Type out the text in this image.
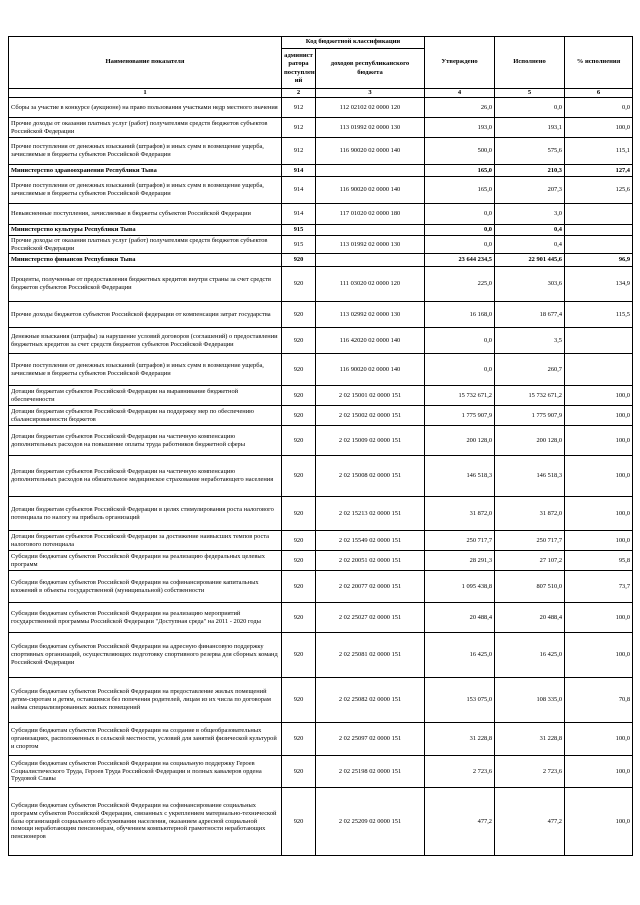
Наименование показателя	Код бюджетной классификации		Утверждено	Исполнено	% исполнения
	админист ратора поступлен ий	доходов республиканского бюджета			
1	2	3	4	5	6
Сборы за участие в конкурсе (аукционе) на право пользования участками недр местного значения	912	112 02102 02 0000 120	26,0	0,0	0,0
Прочие доходы от оказания платных услуг (работ) получателями средств бюджетов субъектов Российской Федерации	912	113 01992 02 0000 130	193,0	193,1	100,0
Прочие поступления от денежных взысканий (штрафов) и иных сумм в возмещение ущерба, зачисляемые в бюджеты субъектов Российской Федерации	912	116 90020 02 0000 140	500,0	575,6	115,1
Министерство здравоохранения Республики Тыва	914		165,0	210,3	127,4
Прочие поступления от денежных взысканий (штрафов) и иных сумм в возмещение ущерба, зачисляемые в бюджеты субъектов Российской Федерации	914	116 90020 02 0000 140	165,0	207,3	125,6
Невыясненные поступления, зачисляемые в бюджеты субъектов Российской Федерации	914	117 01020 02 0000 180	0,0	3,0	
Министерство культуры Республики Тыва	915		0,0	0,4	
Прочие доходы от оказания платных услуг (работ) получателями средств бюджетов субъектов Российской Федерации	915	113 01992 02 0000 130	0,0	0,4	
Министерство финансов Республики Тыва	920		23 644 234,5	22 901 445,6	96,9
Проценты, полученные от предоставления бюджетных кредитов внутри страны за счет средств бюджетов субъектов Российской Федерации	920	111 03020 02 0000 120	225,0	303,6	134,9
Прочие доходы бюджетов субъектов Российской федерации от компенсации затрат государства	920	113 02992 02 0000 130	16 168,0	18 677,4	115,5
Денежные взыскания (штрафы) за нарушение условий договоров (соглашений) о предоставлении бюджетных кредитов за счет средств бюджетов субъектов Российской Федерации	920	116 42020 02 0000 140	0,0	3,5	
Прочие поступления от денежных взысканий (штрафов) и иных сумм в возмещение ущерба, зачисляемые в бюджеты субъектов Российской Федерации	920	116 90020 02 0000 140	0,0	260,7	
Дотации бюджетам субъектов Российской Федерации на выравнивание бюджетной обеспеченности	920	2 02 15001 02 0000 151	15 732 671,2	15 732 671,2	100,0
Дотации бюджетам субъектов Российской Федерации на поддержку мер по обеспечению сбалансированности бюджетов	920	2 02 15002 02 0000 151	1 775 907,9	1 775 907,9	100,0
Дотации бюджетам субъектов Российской Федерации на частичную компенсацию дополнительных расходов на повышение оплаты труда работников бюджетной сферы	920	2 02 15009 02 0000 151	200 128,0	200 128,0	100,0
Дотации бюджетам субъектов Российской Федерации на частичную компенсацию дополнительных расходов на обязательное медицинское страхование неработающего населения	920	2 02 15008 02 0000 151	146 518,3	146 518,3	100,0
Дотации бюджетам субъектов Российской Федерации в целях стимулирования роста налогового потенциала по налогу на прибыль организаций	920	2 02 15213 02 0000 151	31 872,0	31 872,0	100,0
Дотации бюджетам субъектов Российской Федерации за достижение наивысших темпов роста налогового потенциала	920	2 02 15549 02 0000 151	250 717,7	250 717,7	100,0
Субсидии бюджетам субъектов Российской Федерации на реализацию федеральных целевых программ	920	2 02 20051 02 0000 151	28 291,3	27 107,2	95,8
Субсидии бюджетам субъектов Российской Федерации на софинансирование капитальных вложений в объекты государственной (муниципальной) собственности	920	2 02 20077 02 0000 151	1 095 438,8	807 510,0	73,7
Субсидии бюджетам субъектов Российской Федерации на реализацию мероприятий государственной программы Российской Федерации "Доступная среда" на 2011 - 2020 годы	920	2 02 25027 02 0000 151	20 488,4	20 488,4	100,0
Субсидии бюджетам субъектов Российской Федерации на адресную финансовую поддержку спортивных организаций, осуществляющих подготовку спортивного резерва для сборных команд Российской Федерации	920	2 02 25081 02 0000 151	16 425,0	16 425,0	100,0
Субсидии бюджетам субъектов Российской Федерации на предоставление жилых помещений детям-сиротам и детям, оставшимся без попечения родителей, лицам из их числа по договорам найма специализированных жилых помещений	920	2 02 25082 02 0000 151	153 075,0	108 335,0	70,8
Субсидии бюджетам субъектов Российской Федерации на создание в общеобразовательных организациях, расположенных в сельской местности, условий для занятий физической культурой и спортом	920	2 02 25097 02 0000 151	31 228,8	31 228,8	100,0
Субсидии бюджетам субъектов Российской Федерации на социальную поддержку Героев Социалистического Труда, Героев Труда Российской Федерации и полных кавалеров ордена Трудовой Славы	920	2 02 25198 02 0000 151	2 723,6	2 723,6	100,0
Субсидии бюджетам субъектов Российской Федерации на софинансирование социальных программ субъектов Российской Федерации, связанных с укреплением материально-технической базы организаций социального обслуживания населения, оказанием адресной социальной помощи неработающим пенсионерам, обучением компьютерной грамотности неработающих пенсионеров	920	2 02 25209 02 0000 151	477,2	477,2	100,0
